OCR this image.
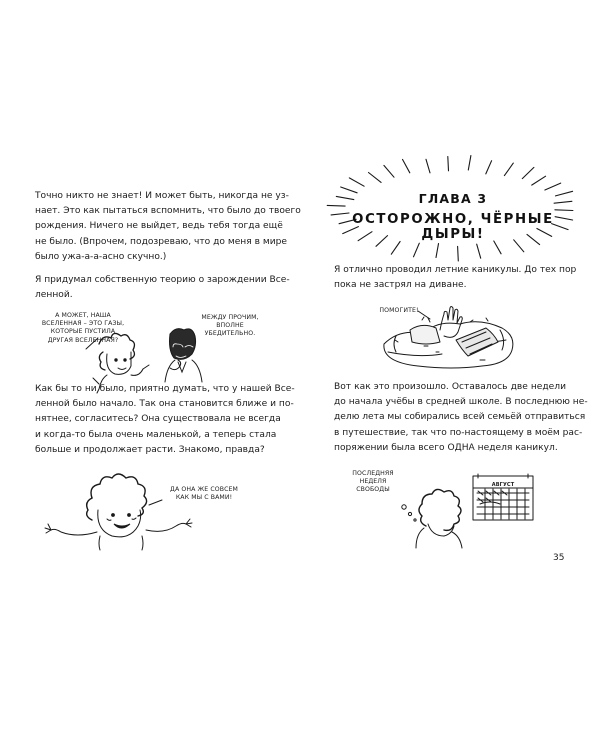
Точно никто не знает! И может быть, никогда не уз-
нает. Это как пытаться вспомнить, что было до твоего
рождения. Ничего не выйдет, ведь тебя тогда ещё
не было. (Впрочем, подозреваю, что до меня в мире
было ужа-а-а-асно скучно.)
Я придумал собственную теорию о зарождении Все-
ленной.
А МОЖЕТ, НАША
ВСЕЛЕННАЯ – ЭТО ГАЗЫ,
КОТОРЫЕ ПУСТИЛА
ДРУГАЯ ВСЕЛЕННАЯ?
МЕЖДУ ПРОЧИМ,
ВПОЛНЕ
УБЕДИТЕЛЬНО.
Как бы то ни было, приятно думать, что у нашей Все-
ленной было начало. Так она становится ближе и по-
нятнее, согласитесь? Она существовала не всегда
и когда-то была очень маленькой, а теперь стала
больше и продолжает расти. Знакомо, правда?
ДА ОНА ЖЕ СОВСЕМ
КАК МЫ С ВАМИ!
ГЛАВА 3
ОСТОРОЖНО, ЧЁРНЫЕ ДЫРЫ!
Я отлично проводил летние каникулы. До тех пор
пока не застрял на диване.
ПОМОГИТЕ!
Вот как это произошло. Оставалось две недели
до начала учёбы в средней школе. В последнюю не-
делю лета мы собирались всей семьёй отправиться
в путешествие, так что по-настоящему в моём рас-
поряжении была всего ОДНА неделя каникул.
ПОСЛЕДНЯЯ
НЕДЕЛЯ
СВОБОДЫ
АВГУСТ
35
